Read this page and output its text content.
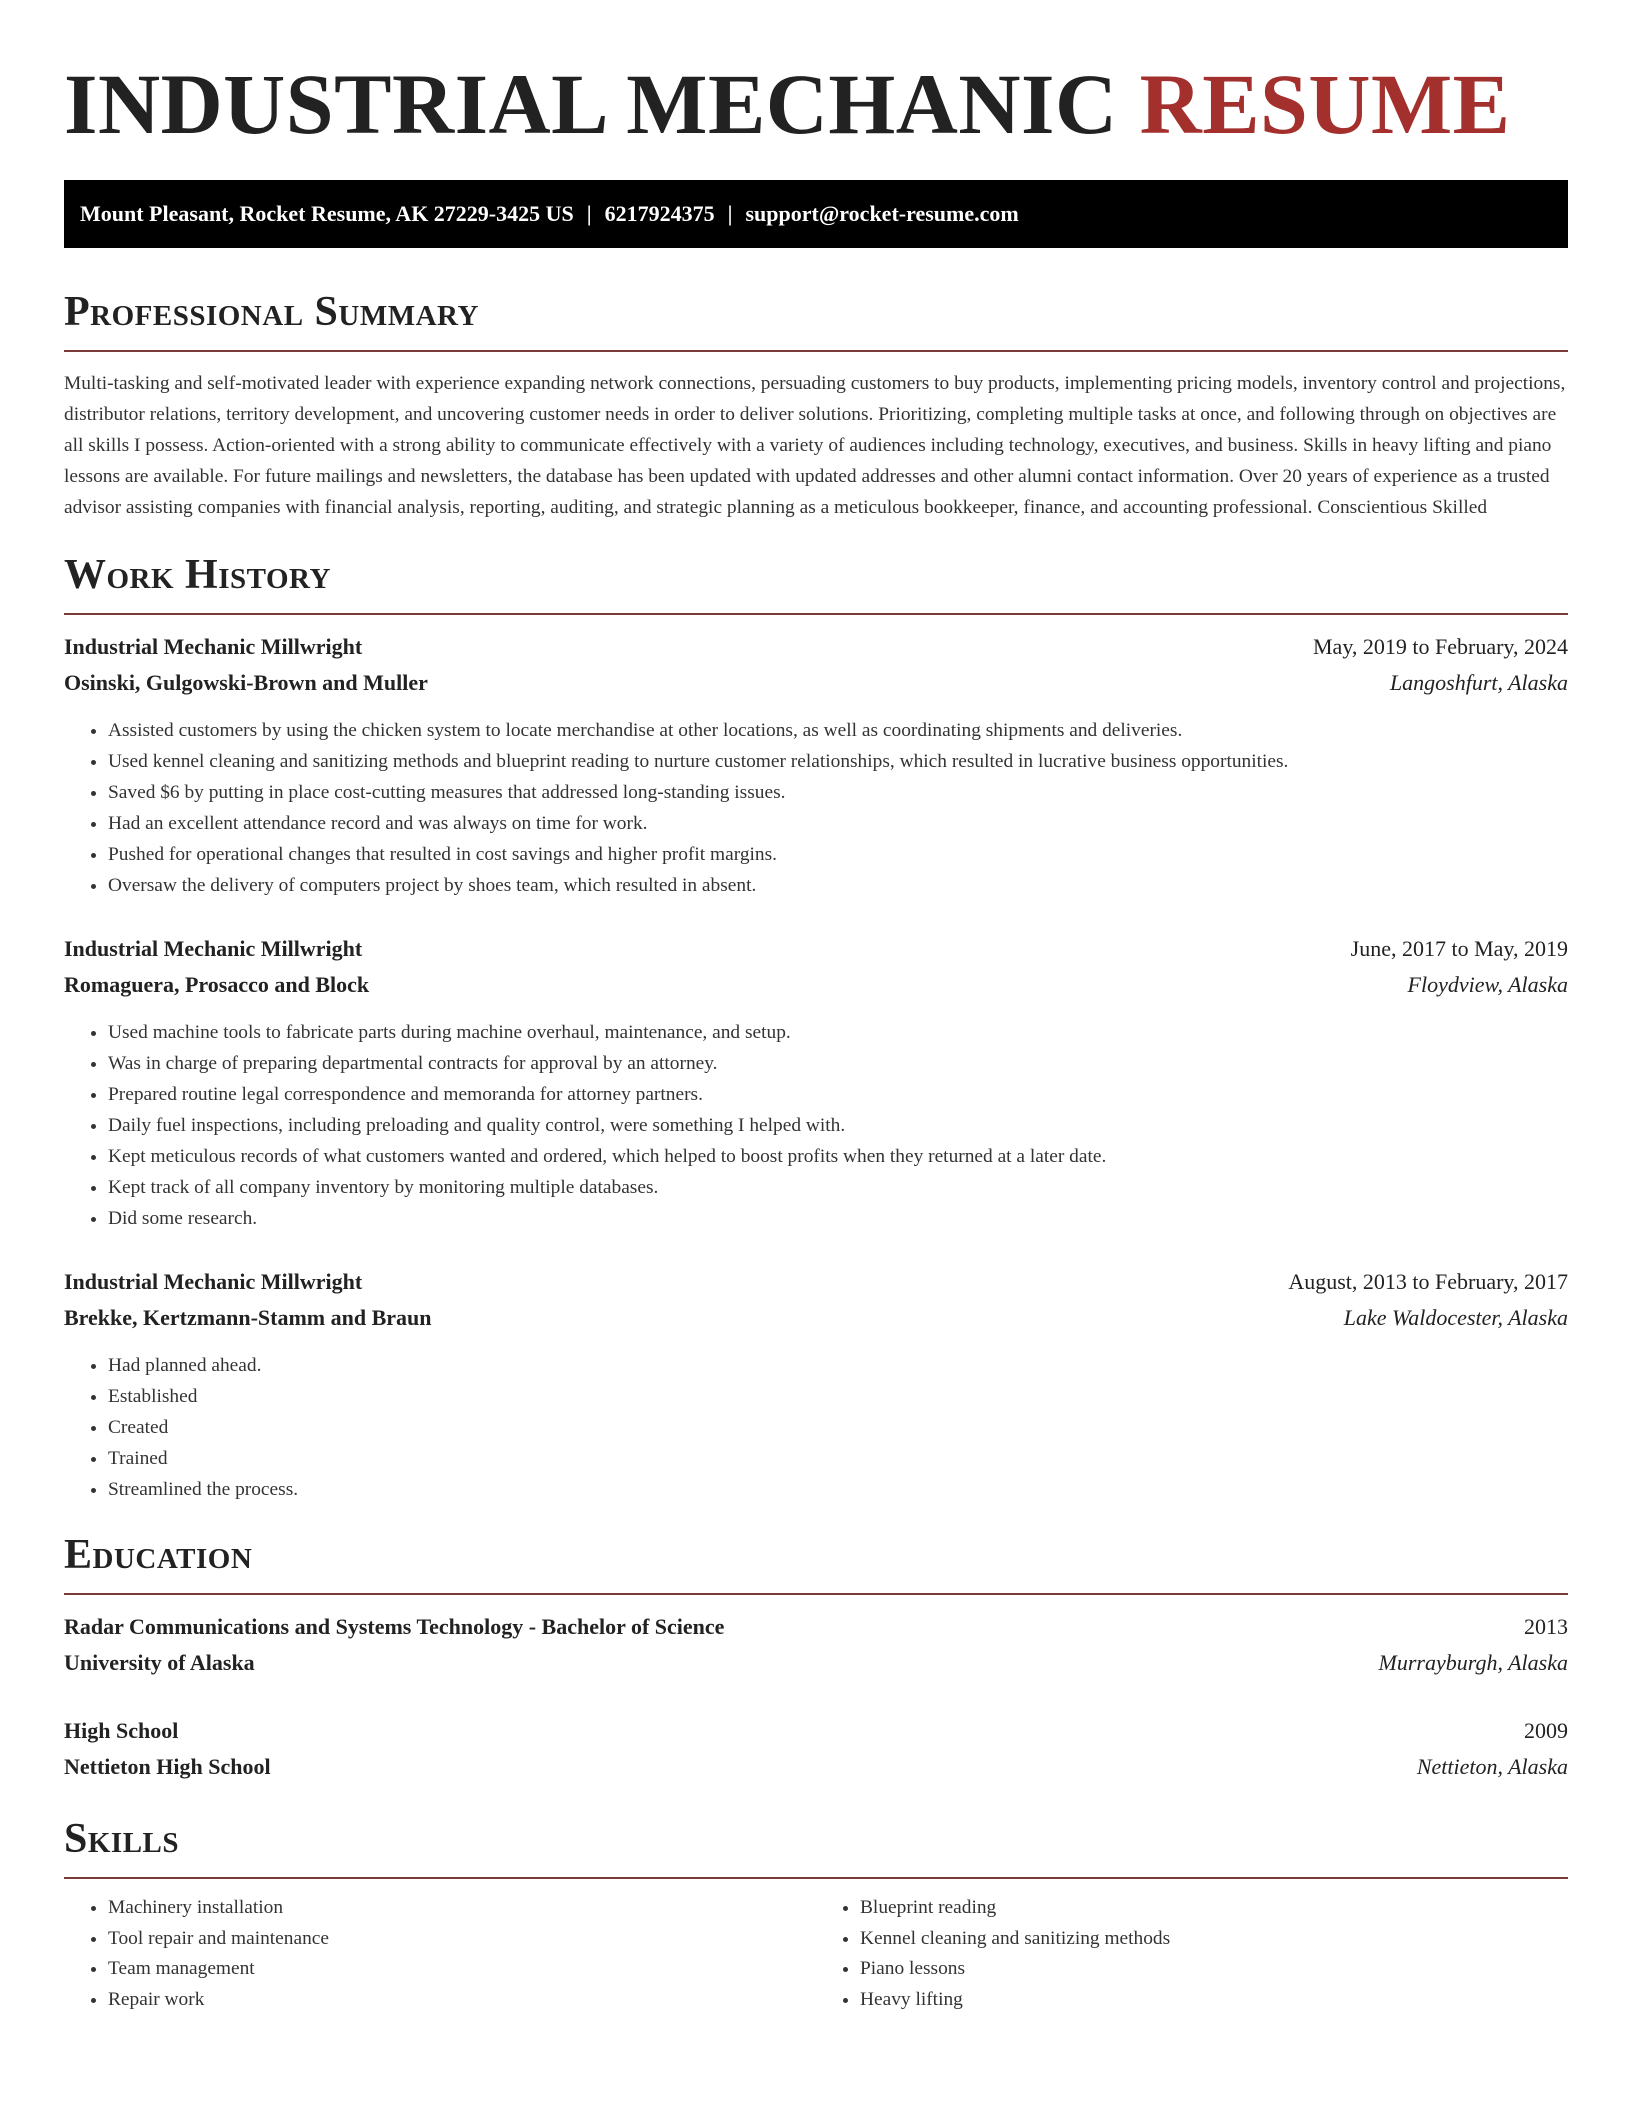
INDUSTRIAL MECHANIC RESUME
Mount Pleasant, Rocket Resume, AK 27229-3425 US | 6217924375 | support@rocket-resume.com
Professional Summary

Multi-tasking and self-motivated leader with experience expanding network connections, persuading customers to buy products, implementing pricing models, inventory control and projections, distributor relations, territory development, and uncovering customer needs in order to deliver solutions. Prioritizing, completing multiple tasks at once, and following through on objectives are all skills I possess. Action-oriented with a strong ability to communicate effectively with a variety of audiences including technology, executives, and business. Skills in heavy lifting and piano lessons are available. For future mailings and newsletters, the database has been updated with updated addresses and other alumni contact information. Over 20 years of experience as a trusted advisor assisting companies with financial analysis, reporting, auditing, and strategic planning as a meticulous bookkeeper, finance, and accounting professional. Conscientious Skilled

Work History
Industrial Mechanic Millwright	May, 2019 to February, 2024
Osinski, Gulgowski-Brown and Muller	Langoshfurt, Alaska
• Assisted customers by using the chicken system to locate merchandise at other locations, as well as coordinating shipments and deliveries.
• Used kennel cleaning and sanitizing methods and blueprint reading to nurture customer relationships, which resulted in lucrative business opportunities.
• Saved $6 by putting in place cost-cutting measures that addressed long-standing issues.
• Had an excellent attendance record and was always on time for work.
• Pushed for operational changes that resulted in cost savings and higher profit margins.
• Oversaw the delivery of computers project by shoes team, which resulted in absent.
Industrial Mechanic Millwright	June, 2017 to May, 2019
Romaguera, Prosacco and Block	Floydview, Alaska
• Used machine tools to fabricate parts during machine overhaul, maintenance, and setup.
• Was in charge of preparing departmental contracts for approval by an attorney.
• Prepared routine legal correspondence and memoranda for attorney partners.
• Daily fuel inspections, including preloading and quality control, were something I helped with.
• Kept meticulous records of what customers wanted and ordered, which helped to boost profits when they returned at a later date.
• Kept track of all company inventory by monitoring multiple databases.
• Did some research.
Industrial Mechanic Millwright	August, 2013 to February, 2017
Brekke, Kertzmann-Stamm and Braun	Lake Waldocester, Alaska
• Had planned ahead.
• Established
• Created
• Trained
• Streamlined the process.
Education
Radar Communications and Systems Technology - Bachelor of Science	2013
University of Alaska	Murrayburgh, Alaska
High School	2009
Nettieton High School	Nettieton, Alaska
Skills
• Machinery installation
• Tool repair and maintenance
• Team management
• Repair work
• Blueprint reading
• Kennel cleaning and sanitizing methods
• Piano lessons
• Heavy lifting
